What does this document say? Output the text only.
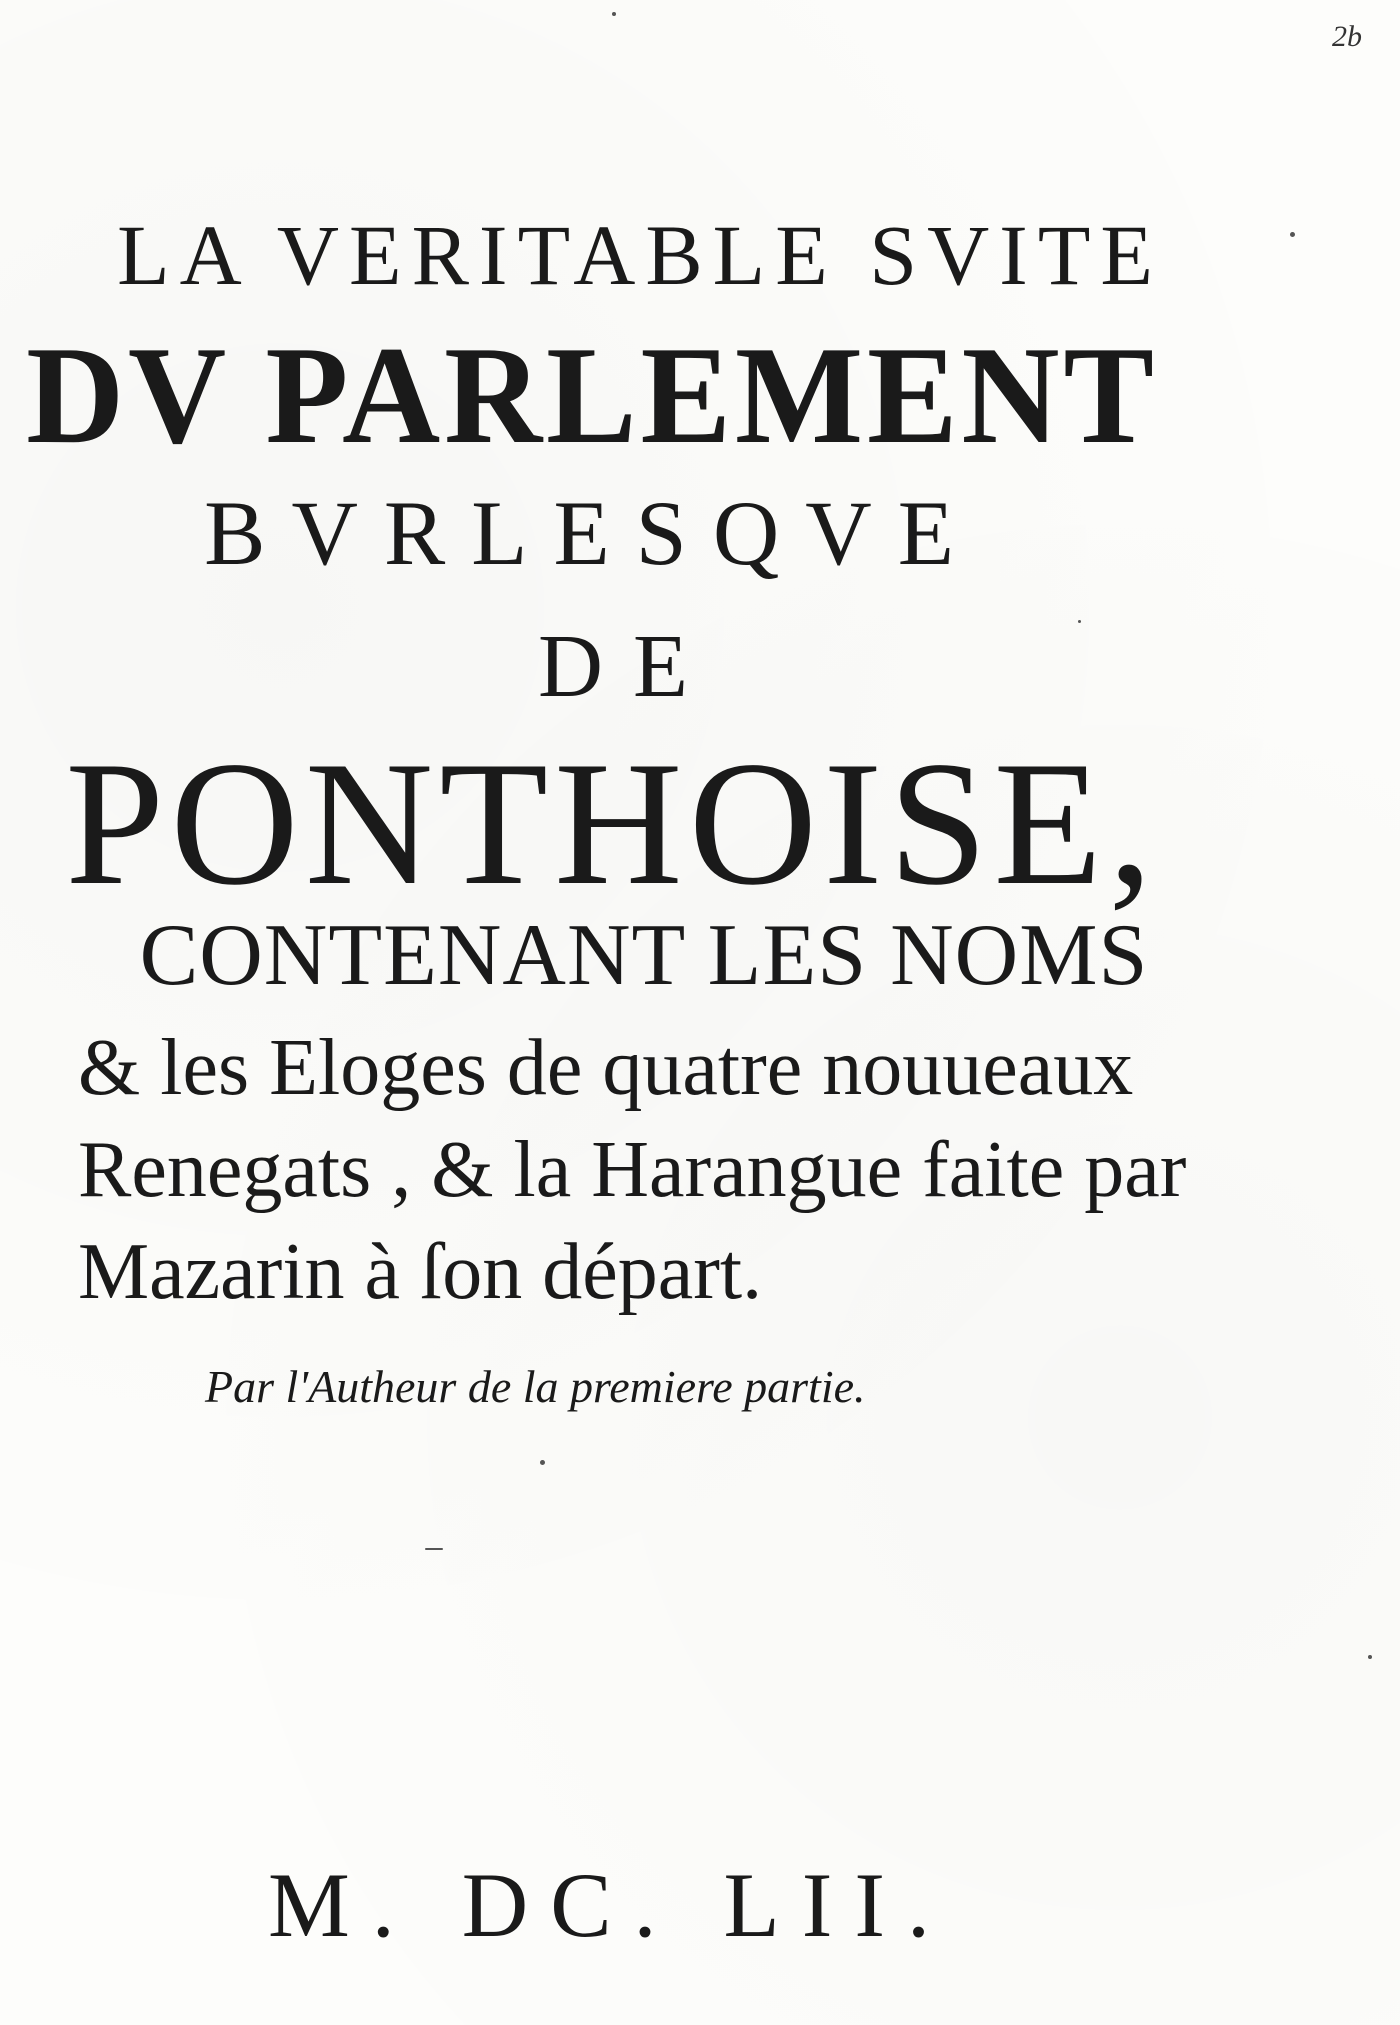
2b
LA VERITABLE SVITE
DV PARLEMENT
BVRLESQVE
DE
PONTHOISE,
CONTENANT LES NOMS
& les Eloges de quatre nouueaux
Renegats , & la Harangue faite par
Mazarin à ſon départ.
Par l'Autheur de la premiere partie.
M. DC. LII.
